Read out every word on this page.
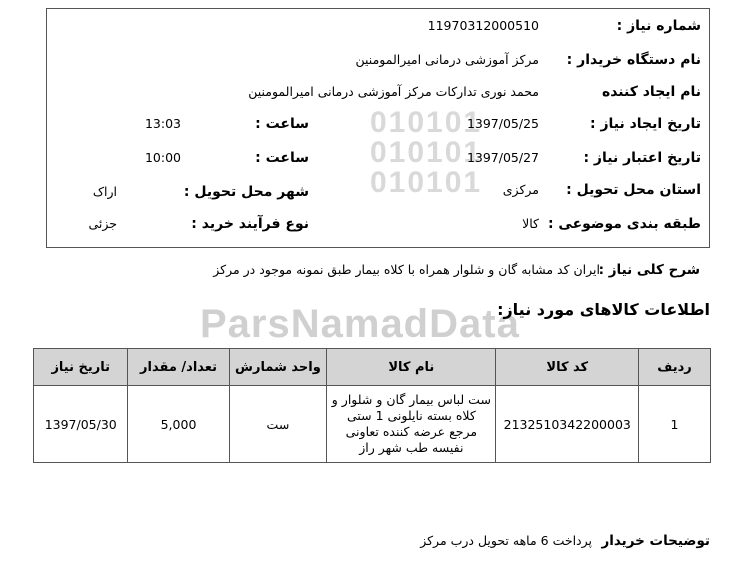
010101
010101
010101
ParsNamadData
شماره نیاز :
11970312000510
نام دستگاه خریدار :
مرکز آموزشی درمانی امیرالمومنین
نام ایجاد کننده
محمد نوری تدارکات مرکز آموزشی درمانی امیرالمومنین
تاریخ ایجاد نیاز :
1397/05/25
ساعت :
13:03
تاریخ اعتبار نیاز :
1397/05/27
ساعت :
10:00
استان محل تحویل :
مرکزی
شهر محل تحویل :
اراک
طبقه بندی موضوعی :
کالا
نوع فرآیند خرید :
جزئی
شرح کلی نیاز :
ایران کد مشابه گان و شلوار همراه با کلاه بیمار طبق نمونه موجود در مرکز
اطلاعات کالاهای مورد نیاز:
ردیف	کد کالا	نام کالا	واحد شمارش	تعداد/ مقدار	تاریخ نیاز
1	2132510342200003	ست لباس بیمار گان و شلوار و کلاه بسته نایلونی 1 ستی مرجع عرضه کننده تعاونی نفیسه طب شهر راز	ست	5,000	1397/05/30
توضیحات خریدار
پرداخت 6 ماهه تحویل درب مرکز
